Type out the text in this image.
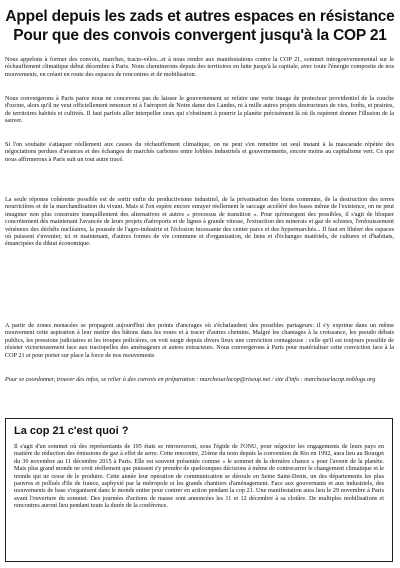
Appel depuis les zads et autres espaces en résistance
Pour que des convois convergent jusqu'à la COP 21

Nous appelons à former des convois, marches, tracto-vélos...et à nous rendre aux manifestations contre la COP 21, sommet intergouvernemental sur le réchauffement climatique début décembre à Paris. Nous cheminerons depuis des territoires en lutte jusqu'à la capitale, avec toute l'énergie composite de nos mouvements, en créant en route des espaces de rencontres et de mobilisation.

Nous convergerons à Paris parce nous ne concevons pas de laisser le gouvernement se refaire une verte image de protecteur providentiel de la couche d'ozone, alors qu'il ne veut officiellement renoncer ni à l'aéroport de Notre dame des Landes, ni à mille autres projets destructeurs de vies, forêts, et prairies, de territoires habités et cultivés. Il faut parfois aller interpeller ceux qui s'obstinent à pourrir la planète précisément là où ils espèrent donner l'illusion de la sauver.

Si l'on souhaite s'attaquer réellement aux causes du réchauffement climatique, on ne peut s'en remettre un seul instant à la mascarade répétée des négociations perdues d'avances et des échanges de marchés carbones entre lobbies industriels et gouvernements, encore moins au capitalisme vert. Ce que nous affirmerons à Paris suit un tout autre tracé.

La seule réponse cohérente possible est de sortir enfin du productivisme industriel, de la privatisation des biens communs, de la destruction des terres nourricières et de la marchandisation du vivant. Mais si l'on espère encore enrayer réellement le saccage accéléré des bases même de l'existence, on ne peut imaginer non plus construire tranquillement des alternatives et autres « processus de transition ». Pour qu'émergent des possibles, il s'agit de bloquer concrètement dès maintenant l'avancée de leurs projets d'aéroports et de lignes à grande vitesse, l'extraction des minerais et gaz de schistes, l'enfouissement vénéneux des déchêts nucléaires, la poussée de l'agro-industrie et l'éclosion incessante des center parcs et des hypermarchés... Il faut en libérer des espaces où puissent s'inventer, ici et maintenant, d'autres formes de vie commune et d'organisation, de liens et d'échanges matériels, de cultures et d'habitats, émancipées du diktat économique.

A partir de zones menacées se propagent aujourd'hui des points d'ancrages où s'échafaudent des possibles partageurs: il s'y exprime dans un même mouvement cette aspiration à leur mettre des bâtons dans les roues et à tracer d'autres chemins. Malgré les chantages à la croissance, les pseudo débats publics, les pressions judiciaires et les troupes policières, on voit surgir depuis divers lieux une conviction contagieuse : celle qu'il est toujours possible de résister victorieusement face aux tractopelles des aménageurs et autres extracteurs. Nous convergerons à Paris pour matérialiser cette conviction face à la COP 21 et pour porter sur place la force de nos mouvements

Pour se coordonner, trouver des infos, se relier à des convois en préparation : marchesurlacop@riseup.net / site d'info : marchesurlacop.noblogs.org

La cop 21 c'est quoi ?

Il s'agit d'un sommet où des représentants de 195 états se retrouveront, sous l'égide de l'ONU, pour négocier les engagements de leurs pays en matière de réduction des émissions de gaz à effet de serre. Cette rencontre, 21ème du nom depuis la convention de Rio en 1992, aura lieu au Bourget du 30 novembre au 11 décembre 2015 à Paris. Elle est souvent présentée comme « le sommet de la dernière chance » pour l'avenir de la planète. Mais plus grand monde ne croit réellement que puissent s'y prendre de quelconques décisions à même de contrecarrer le changement climatique et le monde qui ne cesse de le produire. Cette année leur opération de communication se déroule en Seine Saint-Denis, un des départements les plus pauvres et pollués d'ile de france, asphyxié par la métropole et les grands chantiers d'aménagement. Face aux gouvernants et aux industriels, des mouvements de base s'organisent dans le monde entier pour contrer en action pendant la cop 21. Une manifestation aura lieu le 29 novembre à Paris avant l'ouverture du sommet. Des journées d'actions de masse sont annoncées les 11 et 12 décembre à sa clotûre. De multiples mobilisations et rencontres auront lieu pendant toute la durée de la conférence.
